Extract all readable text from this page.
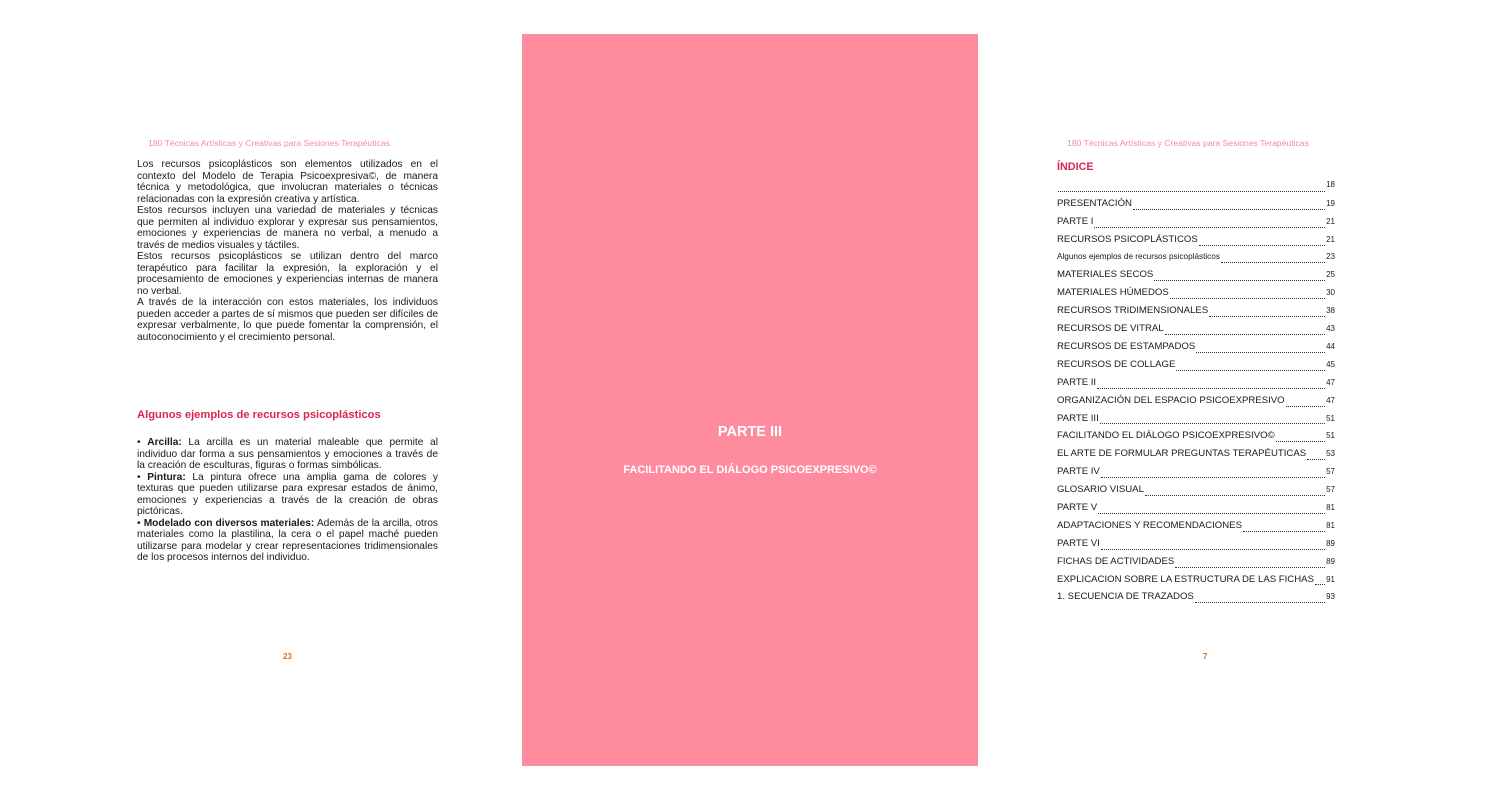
180 Técnicas Artísticas y Creativas para Sesiones Terapéuticas

Los recursos psicoplásticos son elementos utilizados en el contexto del Modelo de Terapia Psicoexpresiva©, de manera técnica y metodológica, que involucran materiales o técnicas relacionadas con la expresión creativa y artística.

Estos recursos incluyen una variedad de materiales y técnicas que permiten al individuo explorar y expresar sus pensamientos, emociones y experiencias de manera no verbal, a menudo a través de medios visuales y táctiles.

Estos recursos psicoplásticos se utilizan dentro del marco terapéutico para facilitar la expresión, la exploración y el procesamiento de emociones y experiencias internas de manera no verbal.

A través de la interacción con estos materiales, los individuos pueden acceder a partes de sí mismos que pueden ser difíciles de expresar verbalmente, lo que puede fomentar la comprensión, el autoconocimiento y el crecimiento personal.

Algunos ejemplos de recursos psicoplásticos
• Arcilla: La arcilla es un material maleable que permite al individuo dar forma a sus pensamientos y emociones a través de la creación de esculturas, figuras o formas simbólicas.
• Pintura: La pintura ofrece una amplia gama de colores y texturas que pueden utilizarse para expresar estados de ánimo, emociones y experiencias a través de la creación de obras pictóricas.
• Modelado con diversos materiales: Además de la arcilla, otros materiales como la plastilina, la cera o el papel maché pueden utilizarse para modelar y crear representaciones tridimensionales de los procesos internos del individuo.
23
PARTE III
FACILITANDO EL DIÁLOGO PSICOEXPRESIVO©
180 Técnicas Artísticas y Creativas para Sesiones Terapéuticas
ÍNDICE
18
PRESENTACIÓN	19
PARTE I	21
RECURSOS PSICOPLÁSTICOS	21
Algunos ejemplos de recursos psicoplásticos	23
MATERIALES SECOS	25
MATERIALES HÚMEDOS	30
RECURSOS TRIDIMENSIONALES	38
RECURSOS DE VITRAL	43
RECURSOS DE ESTAMPADOS	44
RECURSOS DE COLLAGE	45
PARTE II	47
ORGANIZACIÓN DEL ESPACIO PSICOEXPRESIVO	47
PARTE III	51
FACILITANDO EL DIÁLOGO PSICOEXPRESIVO©	51
EL ARTE DE FORMULAR PREGUNTAS TERAPÉUTICAS 53
PARTE IV	57
GLOSARIO VISUAL	57
PARTE V	81
ADAPTACIONES Y RECOMENDACIONES	81
PARTE VI	89
FICHAS DE ACTIVIDADES	89
EXPLICACION SOBRE LA ESTRUCTURA DE LAS FICHAS 91
1. SECUENCIA DE TRAZADOS	93
7
